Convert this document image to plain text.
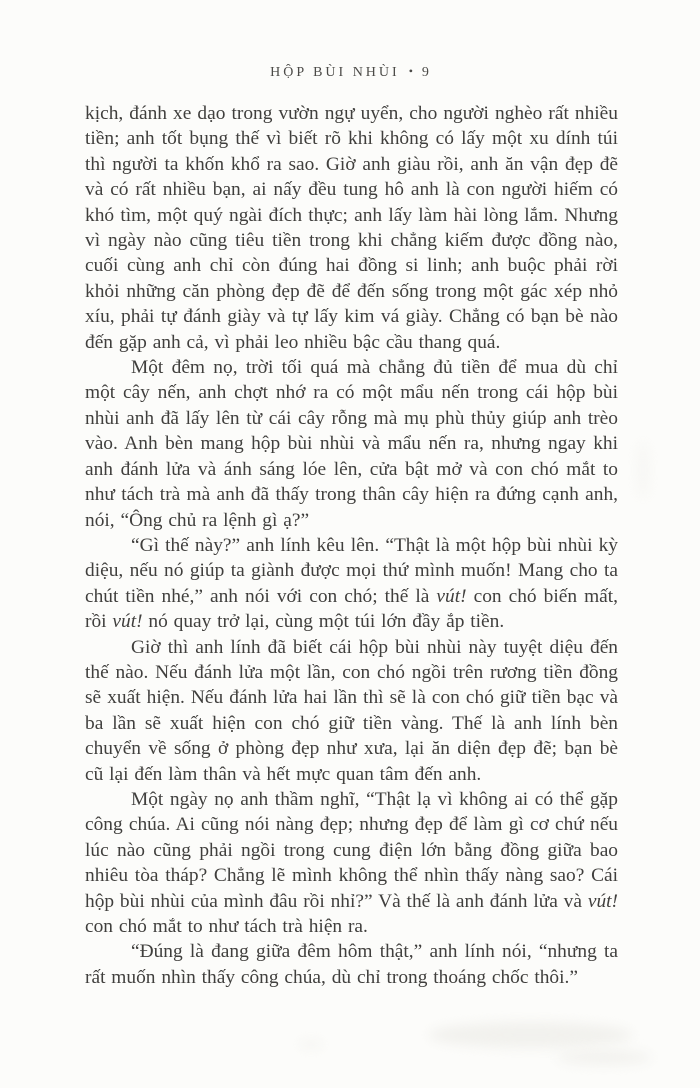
HỘP BÙI NHÙI • 9

kịch, đánh xe dạo trong vườn ngự uyển, cho người nghèo rất nhiều tiền; anh tốt bụng thế vì biết rõ khi không có lấy một xu dính túi thì người ta khốn khổ ra sao. Giờ anh giàu rồi, anh ăn vận đẹp đẽ và có rất nhiều bạn, ai nấy đều tung hô anh là con người hiếm có khó tìm, một quý ngài đích thực; anh lấy làm hài lòng lắm. Nhưng vì ngày nào cũng tiêu tiền trong khi chẳng kiếm được đồng nào, cuối cùng anh chỉ còn đúng hai đồng si linh; anh buộc phải rời khỏi những căn phòng đẹp đẽ để đến sống trong một gác xép nhỏ xíu, phải tự đánh giày và tự lấy kim vá giày. Chẳng có bạn bè nào đến gặp anh cả, vì phải leo nhiều bậc cầu thang quá.

Một đêm nọ, trời tối quá mà chẳng đủ tiền để mua dù chỉ một cây nến, anh chợt nhớ ra có một mẩu nến trong cái hộp bùi nhùi anh đã lấy lên từ cái cây rỗng mà mụ phù thủy giúp anh trèo vào. Anh bèn mang hộp bùi nhùi và mẩu nến ra, nhưng ngay khi anh đánh lửa và ánh sáng lóe lên, cửa bật mở và con chó mắt to như tách trà mà anh đã thấy trong thân cây hiện ra đứng cạnh anh, nói, “Ông chủ ra lệnh gì ạ?”

“Gì thế này?” anh lính kêu lên. “Thật là một hộp bùi nhùi kỳ diệu, nếu nó giúp ta giành được mọi thứ mình muốn! Mang cho ta chút tiền nhé,” anh nói với con chó; thế là vút! con chó biến mất, rồi vút! nó quay trở lại, cùng một túi lớn đầy ắp tiền.

Giờ thì anh lính đã biết cái hộp bùi nhùi này tuyệt diệu đến thế nào. Nếu đánh lửa một lần, con chó ngồi trên rương tiền đồng sẽ xuất hiện. Nếu đánh lửa hai lần thì sẽ là con chó giữ tiền bạc và ba lần sẽ xuất hiện con chó giữ tiền vàng. Thế là anh lính bèn chuyển về sống ở phòng đẹp như xưa, lại ăn diện đẹp đẽ; bạn bè cũ lại đến làm thân và hết mực quan tâm đến anh.

Một ngày nọ anh thầm nghĩ, “Thật lạ vì không ai có thể gặp công chúa. Ai cũng nói nàng đẹp; nhưng đẹp để làm gì cơ chứ nếu lúc nào cũng phải ngồi trong cung điện lớn bằng đồng giữa bao nhiêu tòa tháp? Chẳng lẽ mình không thể nhìn thấy nàng sao? Cái hộp bùi nhùi của mình đâu rồi nhỉ?” Và thế là anh đánh lửa và vút! con chó mắt to như tách trà hiện ra.

“Đúng là đang giữa đêm hôm thật,” anh lính nói, “nhưng ta rất muốn nhìn thấy công chúa, dù chỉ trong thoáng chốc thôi.”
